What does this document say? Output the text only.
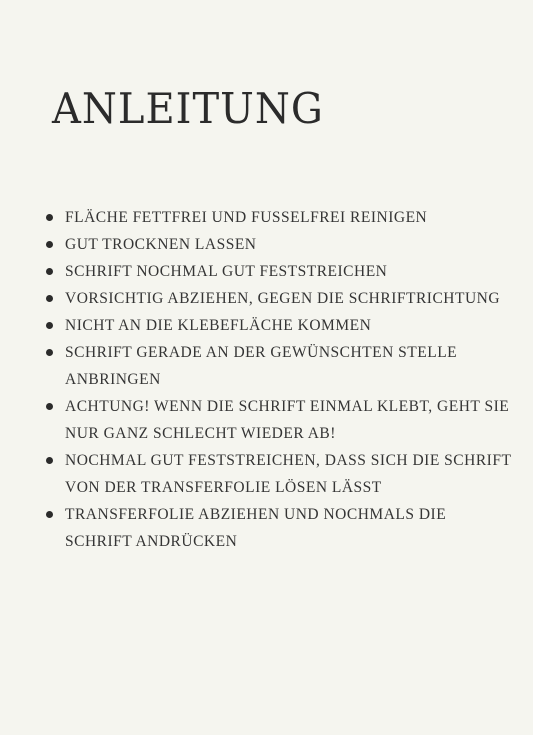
ANLEITUNG
FLÄCHE FETTFREI UND FUSSELFREI REINIGEN
GUT TROCKNEN LASSEN
SCHRIFT NOCHMAL GUT FESTSTREICHEN
VORSICHTIG ABZIEHEN, GEGEN DIE SCHRIFTRICHTUNG
NICHT AN DIE KLEBEFLÄCHE KOMMEN
SCHRIFT GERADE AN DER GEWÜNSCHTEN STELLE ANBRINGEN
ACHTUNG! WENN DIE SCHRIFT EINMAL KLEBT, GEHT SIE NUR GANZ SCHLECHT WIEDER AB!
NOCHMAL GUT FESTSTREICHEN, DASS SICH DIE SCHRIFT VON DER TRANSFERFOLIE LÖSEN LÄSST
TRANSFERFOLIE ABZIEHEN UND NOCHMALS DIE SCHRIFT ANDRÜCKEN
